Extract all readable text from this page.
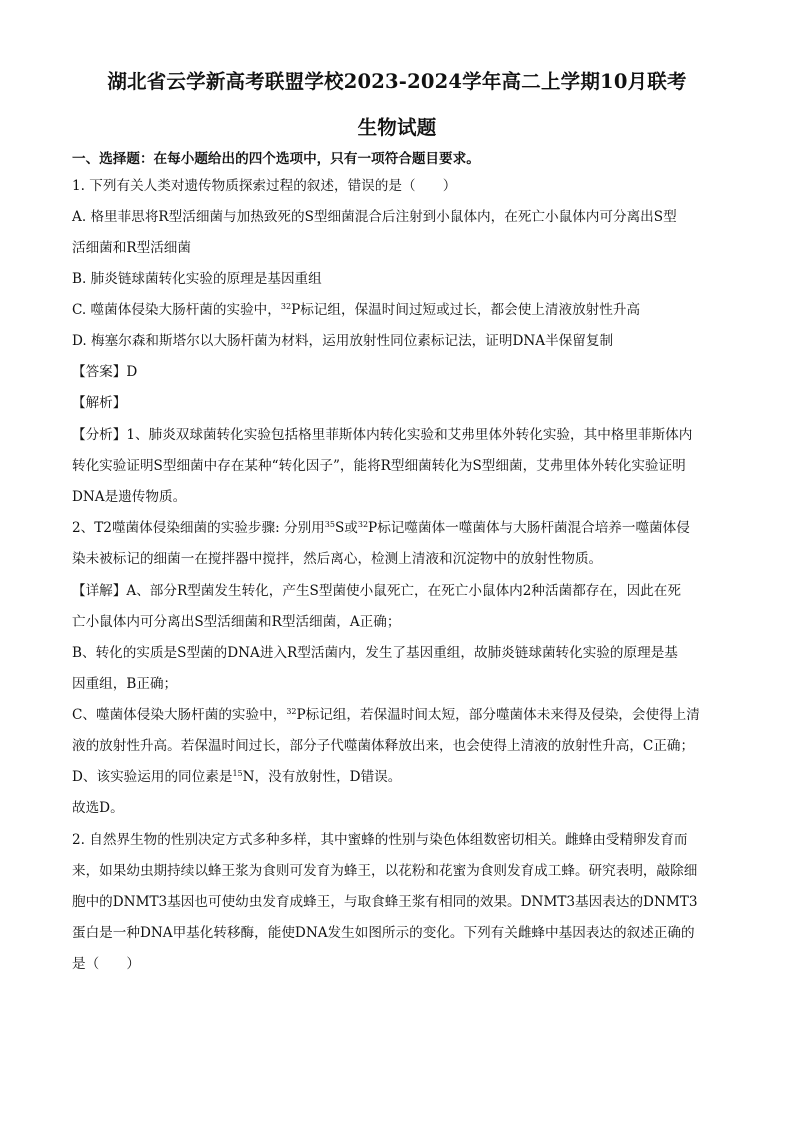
湖北省云学新高考联盟学校2023-2024学年高二上学期10月联考
生物试题
一、选择题：在每小题给出的四个选项中，只有一项符合题目要求。
1. 下列有关人类对遗传物质探索过程的叙述，错误的是（　　）
A. 格里菲思将R型活细菌与加热致死的S型细菌混合后注射到小鼠体内，在死亡小鼠体内可分离出S型
活细菌和R型活细菌
B. 肺炎链球菌转化实验的原理是基因重组
C. 噬菌体侵染大肠杆菌的实验中，$^{32}$P标记组，保温时间过短或过长，都会使上清液放射性升高
D. 梅塞尔森和斯塔尔以大肠杆菌为材料，运用放射性同位素标记法，证明DNA半保留复制
【答案】D
【解析】
【分析】1、肺炎双球菌转化实验包括格里菲斯体内转化实验和艾弗里体外转化实验，其中格里菲斯体内
转化实验证明S型细菌中存在某种“转化因子”，能将R型细菌转化为S型细菌，艾弗里体外转化实验证明
DNA是遗传物质。
2、T2噬菌体侵染细菌的实验步骤: 分别用$^{35}$S或$^{32}$P标记噬菌体一噬菌体与大肠杆菌混合培养一噬菌体侵
染未被标记的细菌一在搅拌器中搅拌，然后离心，检测上清液和沉淀物中的放射性物质。
【详解】A、部分R型菌发生转化，产生S型菌使小鼠死亡，在死亡小鼠体内2种活菌都存在，因此在死
亡小鼠体内可分离出S型活细菌和R型活细菌，A正确；
B、转化的实质是S型菌的DNA进入R型活菌内，发生了基因重组，故肺炎链球菌转化实验的原理是基
因重组，B正确；
C、噬菌体侵染大肠杆菌的实验中，$^{32}$P标记组，若保温时间太短，部分噬菌体未来得及侵染，会使得上清
液的放射性升高。若保温时间过长，部分子代噬菌体释放出来，也会使得上清液的放射性升高，C正确；
D、该实验运用的同位素是$^{15}$N，没有放射性，D错误。
故选D。
2. 自然界生物的性别决定方式多种多样，其中蜜蜂的性别与染色体组数密切相关。雌蜂由受精卵发育而
来，如果幼虫期持续以蜂王浆为食则可发育为蜂王，以花粉和花蜜为食则发育成工蜂。研究表明，敲除细
胞中的DNMT3基因也可使幼虫发育成蜂王，与取食蜂王浆有相同的效果。DNMT3基因表达的DNMT3
蛋白是一种DNA甲基化转移酶，能使DNA发生如图所示的变化。下列有关雌蜂中基因表达的叙述正确的
是（　　）
